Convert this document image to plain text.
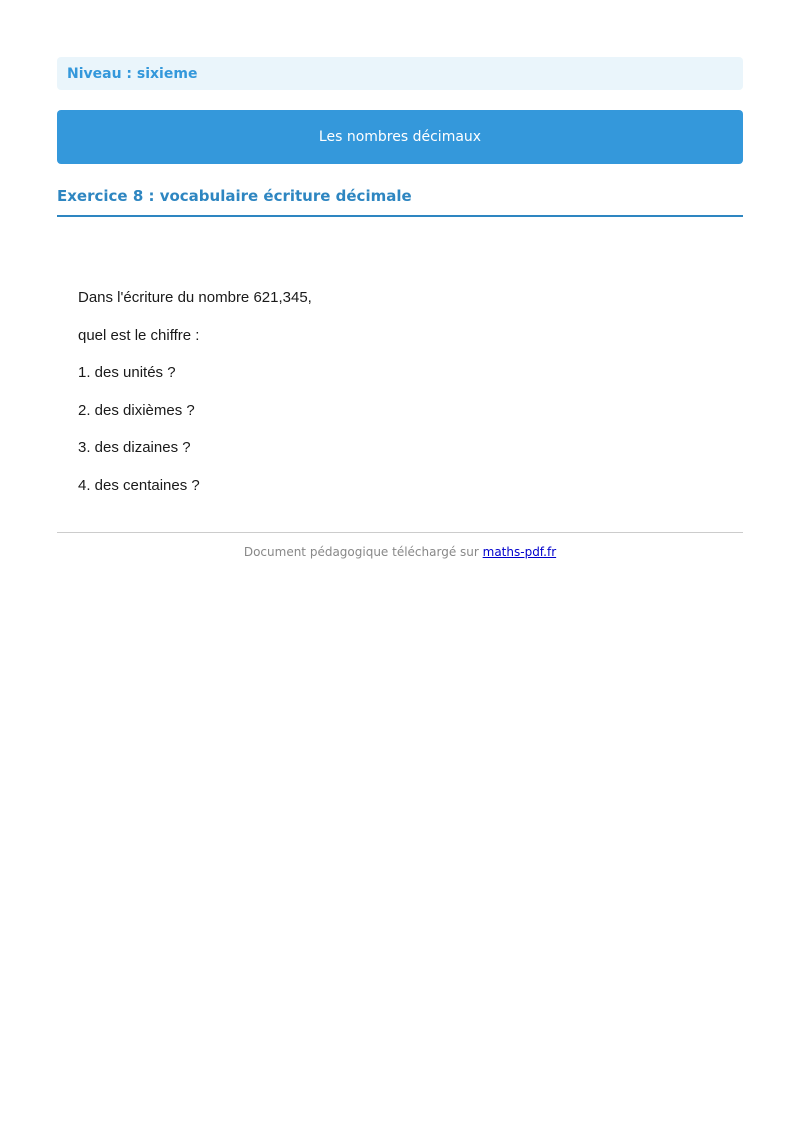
Niveau : sixieme
Les nombres décimaux
Exercice 8 : vocabulaire écriture décimale
Dans l'écriture du nombre 621,345,
quel est le chiffre :
1. des unités ?
2. des dixièmes ?
3. des dizaines ?
4. des centaines ?
Document pédagogique téléchargé sur maths-pdf.fr
